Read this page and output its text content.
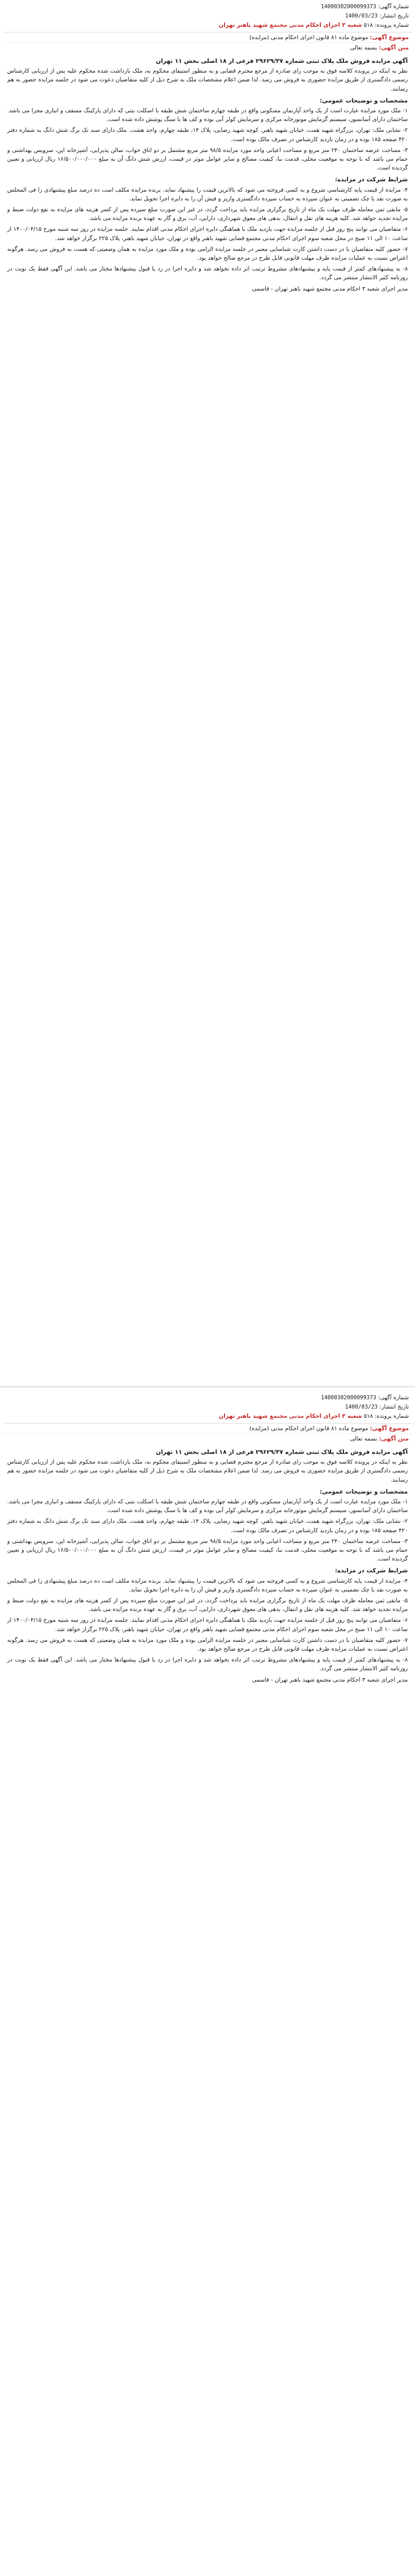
شماره آگهی: 14000302000099373
تاریخ انتشار: 1400/03/23
شماره پرونده: ۵۱۸ شعبه ۳ اجرای احکام مدنی مجتمع شهید باهنر تهران
موضوع آگهی: موضوع ماده ۸۱ قانون اجرای احکام مدنی (مزایده)
متن آگهی: بسمه تعالی
آگهی مزایده فروش ملک پلاک ثبتی شماره ۲۹۶۲۹/۳۷ فرعی از ۱۸ اصلی بخش ۱۱ تهران

نظر به اینکه در پرونده کلاسه فوق به موجب رای صادره از مرجع محترم قضایی و به منظور استیفای محکوم به، ملک بازداشت شده محکوم علیه پس از ارزیابی کارشناس رسمی دادگستری از طریق مزایده حضوری به فروش می رسد. لذا ضمن اعلام مشخصات ملک به شرح ذیل از کلیه متقاضیان دعوت می شود در جلسه مزایده حضور به هم رسانند.

مشخصات و توضیحات عمومی:

۱- ملک مورد مزایده عبارت است از یک واحد آپارتمان مسکونی واقع در طبقه چهارم ساختمان شش طبقه با اسکلت بتنی که دارای پارکینگ مسقف و انباری مجزا می باشد. ساختمان دارای آسانسور، سیستم گرمایش موتورخانه مرکزی و سرمایش کولر آبی بوده و کف ها با سنگ پوشش داده شده است.

۲- نشانی ملک: تهران، بزرگراه شهید همت، خیابان شهید باهنر، کوچه شهید رضایی، پلاک ۱۴، طبقه چهارم، واحد هشت. ملک دارای سند تک برگ شش دانگ به شماره دفتر ۴۲۰ صفحه ۱۸۵ بوده و در زمان بازدید کارشناس در تصرف مالک بوده است.

۳- مساحت عرصه ساختمان ۲۴۰ متر مربع و مساحت اعیانی واحد مورد مزایده ۹۸/۵ متر مربع مشتمل بر دو اتاق خواب، سالن پذیرایی، آشپزخانه اپن، سرویس بهداشتی و حمام می باشد که با توجه به موقعیت محلی، قدمت بنا، کیفیت مصالح و سایر عوامل موثر در قیمت، ارزش شش دانگ آن به مبلغ ۱۶/۵۰۰/۰۰۰/۰۰۰ ریال ارزیابی و تعیین گردیده است.

شرایط شرکت در مزایده:

۴- مزایده از قیمت پایه کارشناسی شروع و به کسی فروخته می شود که بالاترین قیمت را پیشنهاد نماید. برنده مزایده مکلف است ده درصد مبلغ پیشنهادی را فی المجلس به صورت نقد یا چک تضمینی به عنوان سپرده به حساب سپرده دادگستری واریز و فیش آن را به دایره اجرا تحویل نماید.

۵- مابقی ثمن معامله ظرف مهلت یک ماه از تاریخ برگزاری مزایده باید پرداخت گردد، در غیر این صورت مبلغ سپرده پس از کسر هزینه های مزایده به نفع دولت ضبط و مزایده تجدید خواهد شد. کلیه هزینه های نقل و انتقال، بدهی های معوق شهرداری، دارایی، آب، برق و گاز به عهده برنده مزایده می باشد.

۶- متقاضیان می توانند پنج روز قبل از جلسه مزایده جهت بازدید ملک با هماهنگی دایره اجرای احکام مدنی اقدام نمایند. جلسه مزایده در روز سه شنبه مورخ ۱۴۰۰/۰۴/۱۵ از ساعت ۱۰ الی ۱۱ صبح در محل شعبه سوم اجرای احکام مدنی مجتمع قضایی شهید باهنر واقع در تهران، خیابان شهید باهنر، پلاک ۲۲۵ برگزار خواهد شد.

۷- حضور کلیه متقاضیان با در دست داشتن کارت شناسایی معتبر در جلسه مزایده الزامی بوده و ملک مورد مزایده به همان وضعیتی که هست به فروش می رسد. هرگونه اعتراض نسبت به عملیات مزایده ظرف مهلت قانونی قابل طرح در مرجع صالح خواهد بود.

۸- به پیشنهادهای کمتر از قیمت پایه و پیشنهادهای مشروط ترتیب اثر داده نخواهد شد و دایره اجرا در رد یا قبول پیشنهادها مختار می باشد. این آگهی فقط یک نوبت در روزنامه کثیر الانتشار منتشر می گردد.

مدیر اجرای شعبه ۳ احکام مدنی مجتمع شهید باهنر تهران - قاسمی

شماره آگهی: 14000302000099373
تاریخ انتشار: 1400/03/23
شماره پرونده: ۵۱۸ شعبه ۳ اجرای احکام مدنی مجتمع شهید باهنر تهران
موضوع آگهی: موضوع ماده ۸۱ قانون اجرای احکام مدنی (مزایده)
متن آگهی: بسمه تعالی
آگهی مزایده فروش ملک پلاک ثبتی شماره ۲۹۶۲۹/۳۷ فرعی از ۱۸ اصلی بخش ۱۱ تهران

نظر به اینکه در پرونده کلاسه فوق به موجب رای صادره از مرجع محترم قضایی و به منظور استیفای محکوم به، ملک بازداشت شده محکوم علیه پس از ارزیابی کارشناس رسمی دادگستری از طریق مزایده حضوری به فروش می رسد. لذا ضمن اعلام مشخصات ملک به شرح ذیل از کلیه متقاضیان دعوت می شود در جلسه مزایده حضور به هم رسانند.

مشخصات و توضیحات عمومی:

۱- ملک مورد مزایده عبارت است از یک واحد آپارتمان مسکونی واقع در طبقه چهارم ساختمان شش طبقه با اسکلت بتنی که دارای پارکینگ مسقف و انباری مجزا می باشد. ساختمان دارای آسانسور، سیستم گرمایش موتورخانه مرکزی و سرمایش کولر آبی بوده و کف ها با سنگ پوشش داده شده است.

۲- نشانی ملک: تهران، بزرگراه شهید همت، خیابان شهید باهنر، کوچه شهید رضایی، پلاک ۱۴، طبقه چهارم، واحد هشت. ملک دارای سند تک برگ شش دانگ به شماره دفتر ۴۲۰ صفحه ۱۸۵ بوده و در زمان بازدید کارشناس در تصرف مالک بوده است.

۳- مساحت عرصه ساختمان ۲۴۰ متر مربع و مساحت اعیانی واحد مورد مزایده ۹۸/۵ متر مربع مشتمل بر دو اتاق خواب، سالن پذیرایی، آشپزخانه اپن، سرویس بهداشتی و حمام می باشد که با توجه به موقعیت محلی، قدمت بنا، کیفیت مصالح و سایر عوامل موثر در قیمت، ارزش شش دانگ آن به مبلغ ۱۶/۵۰۰/۰۰۰/۰۰۰ ریال ارزیابی و تعیین گردیده است.

شرایط شرکت در مزایده:

۴- مزایده از قیمت پایه کارشناسی شروع و به کسی فروخته می شود که بالاترین قیمت را پیشنهاد نماید. برنده مزایده مکلف است ده درصد مبلغ پیشنهادی را فی المجلس به صورت نقد یا چک تضمینی به عنوان سپرده به حساب سپرده دادگستری واریز و فیش آن را به دایره اجرا تحویل نماید.

۵- مابقی ثمن معامله ظرف مهلت یک ماه از تاریخ برگزاری مزایده باید پرداخت گردد، در غیر این صورت مبلغ سپرده پس از کسر هزینه های مزایده به نفع دولت ضبط و مزایده تجدید خواهد شد. کلیه هزینه های نقل و انتقال، بدهی های معوق شهرداری، دارایی، آب، برق و گاز به عهده برنده مزایده می باشد.

۶- متقاضیان می توانند پنج روز قبل از جلسه مزایده جهت بازدید ملک با هماهنگی دایره اجرای احکام مدنی اقدام نمایند. جلسه مزایده در روز سه شنبه مورخ ۱۴۰۰/۰۴/۱۵ از ساعت ۱۰ الی ۱۱ صبح در محل شعبه سوم اجرای احکام مدنی مجتمع قضایی شهید باهنر واقع در تهران، خیابان شهید باهنر، پلاک ۲۲۵ برگزار خواهد شد.

۷- حضور کلیه متقاضیان با در دست داشتن کارت شناسایی معتبر در جلسه مزایده الزامی بوده و ملک مورد مزایده به همان وضعیتی که هست به فروش می رسد. هرگونه اعتراض نسبت به عملیات مزایده ظرف مهلت قانونی قابل طرح در مرجع صالح خواهد بود.

۸- به پیشنهادهای کمتر از قیمت پایه و پیشنهادهای مشروط ترتیب اثر داده نخواهد شد و دایره اجرا در رد یا قبول پیشنهادها مختار می باشد. این آگهی فقط یک نوبت در روزنامه کثیر الانتشار منتشر می گردد.

مدیر اجرای شعبه ۳ احکام مدنی مجتمع شهید باهنر تهران - قاسمی
